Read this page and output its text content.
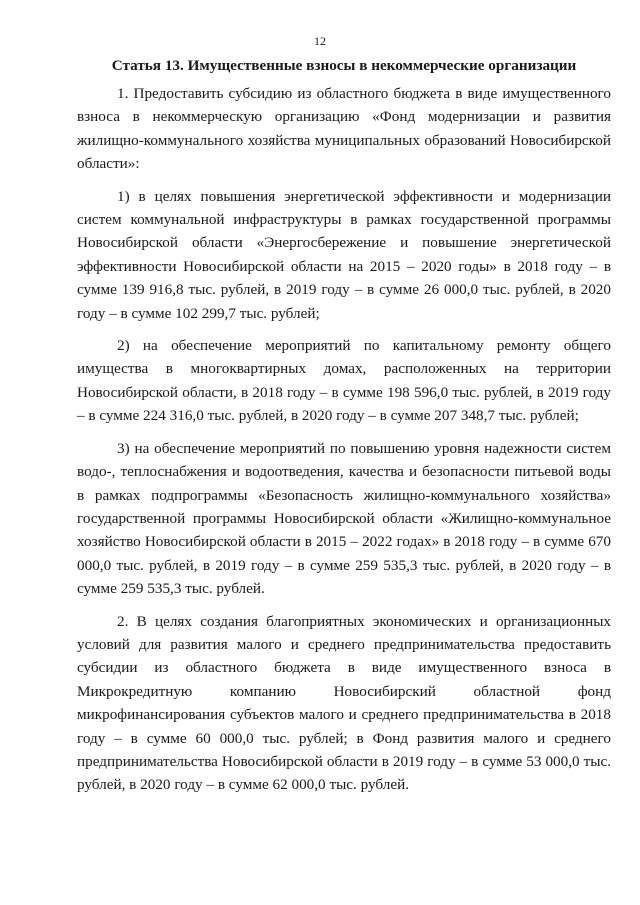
12
Статья 13. Имущественные взносы в некоммерческие организации

1. Предоставить субсидию из областного бюджета в виде имущественного взноса в некоммерческую организацию «Фонд модернизации и развития жилищно-коммунального хозяйства муниципальных образований Новосибирской области»:

1) в целях повышения энергетической эффективности и модернизации систем коммунальной инфраструктуры в рамках государственной программы Новосибирской области «Энергосбережение и повышение энергетической эффективности Новосибирской области на 2015 – 2020 годы» в 2018 году – в сумме 139 916,8 тыс. рублей, в 2019 году – в сумме 26 000,0 тыс. рублей, в 2020 году – в сумме 102 299,7 тыс. рублей;

2) на обеспечение мероприятий по капитальному ремонту общего имущества в многоквартирных домах, расположенных на территории Новосибирской области, в 2018 году – в сумме 198 596,0 тыс. рублей, в 2019 году – в сумме 224 316,0 тыс. рублей, в 2020 году – в сумме 207 348,7 тыс. рублей;

3) на обеспечение мероприятий по повышению уровня надежности систем водо-, теплоснабжения и водоотведения, качества и безопасности питьевой воды в рамках подпрограммы «Безопасность жилищно-коммунального хозяйства» государственной программы Новосибирской области «Жилищно-коммунальное хозяйство Новосибирской области в 2015 – 2022 годах» в 2018 году – в сумме 670 000,0 тыс. рублей, в 2019 году – в сумме 259 535,3 тыс. рублей, в 2020 году – в сумме 259 535,3 тыс. рублей.

2. В целях создания благоприятных экономических и организационных условий для развития малого и среднего предпринимательства предоставить субсидии из областного бюджета в виде имущественного взноса в Микрокредитную компанию Новосибирский областной фонд микрофинансирования субъектов малого и среднего предпринимательства в 2018 году – в сумме 60 000,0 тыс. рублей; в Фонд развития малого и среднего предпринимательства Новосибирской области в 2019 году – в сумме 53 000,0 тыс. рублей, в 2020 году – в сумме 62 000,0 тыс. рублей.
